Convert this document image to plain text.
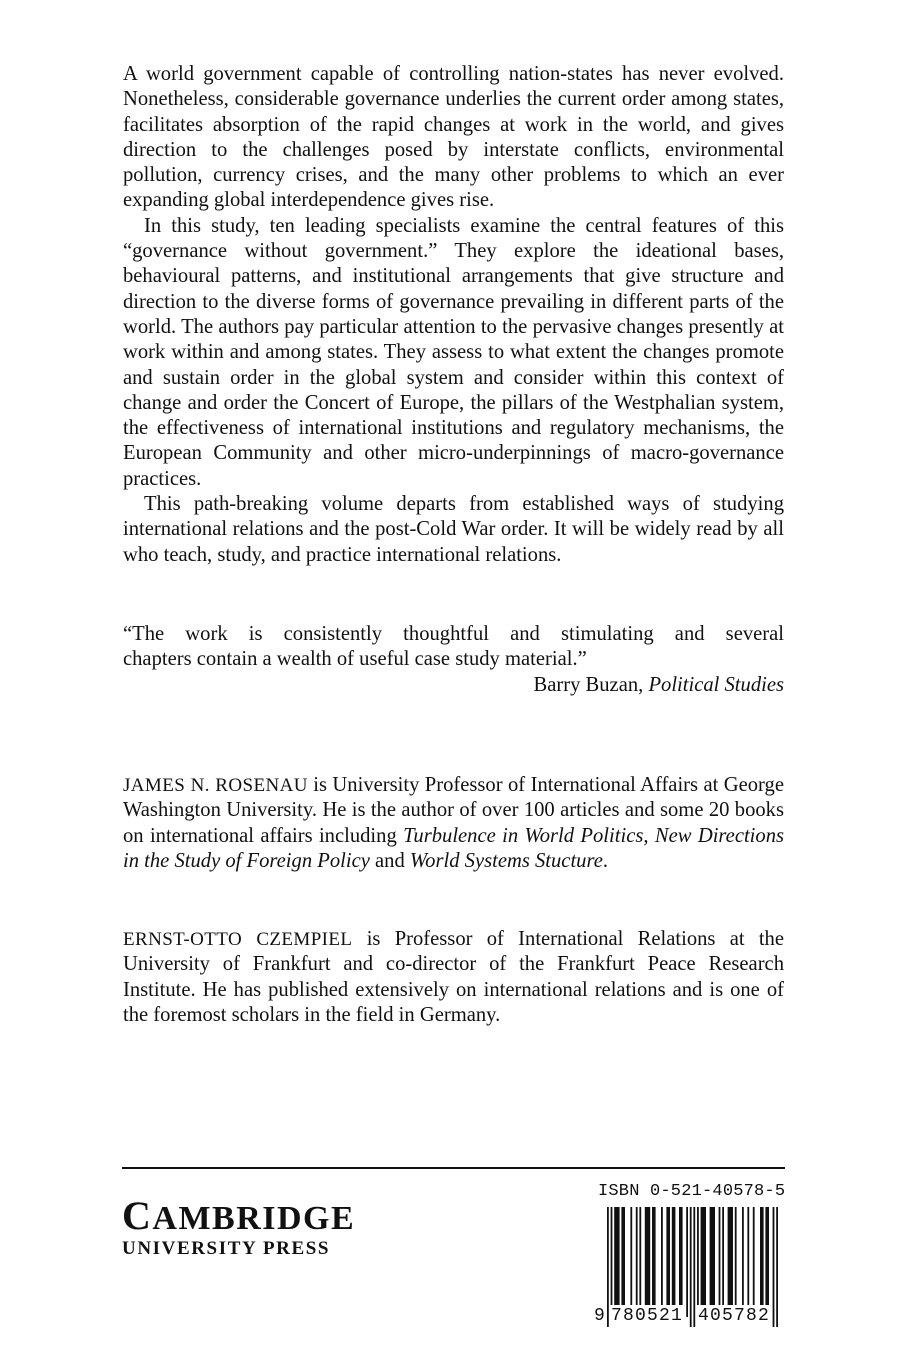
A world government capable of controlling nation-states has never evolved. Nonetheless, considerable governance underlies the current order among states, facilitates absorption of the rapid changes at work in the world, and gives direction to the challenges posed by interstate conflicts, environmental pollution, currency crises, and the many other problems to which an ever expanding global interdependence gives rise.

In this study, ten leading specialists examine the central features of this “governance without government.” They explore the ideational bases, behavioural patterns, and institutional arrangements that give structure and direction to the diverse forms of governance prevailing in different parts of the world. The authors pay particular attention to the pervasive changes presently at work within and among states. They assess to what extent the changes promote and sustain order in the global system and consider within this context of change and order the Concert of Europe, the pillars of the Westphalian system, the effectiveness of international institutions and regulatory mechanisms, the European Community and other micro-underpinnings of macro-governance practices.

This path-breaking volume departs from established ways of studying international relations and the post-Cold War order. It will be widely read by all who teach, study, and practice international relations.

“The work is consistently thoughtful and stimulating and several

chapters contain a wealth of useful case study material.”

Barry Buzan, Political Studies

JAMES N. ROSENAU is University Professor of International Affairs at George Washington University. He is the author of over 100 articles and some 20 books on international affairs including Turbulence in World Politics, New Directions in the Study of Foreign Policy and World Systems Stucture.

ERNST-OTTO CZEMPIEL is Professor of International Relations at the University of Frankfurt and co-director of the Frankfurt Peace Research Institute. He has published extensively on international relations and is one of the foremost scholars in the field in Germany.

CAMBRIDGE
UNIVERSITY PRESS
ISBN 0-521-40578-5
9 780521 405782
